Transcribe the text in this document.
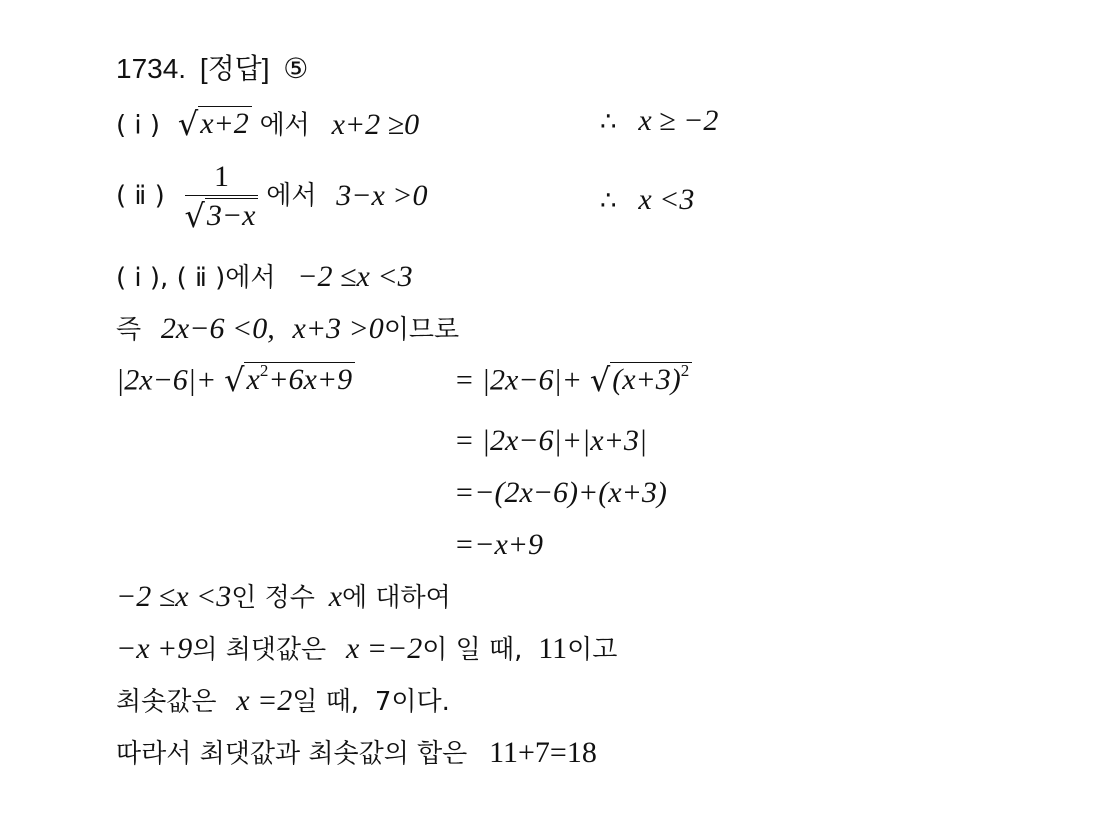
1734. [정답] ⑤
( ⅰ ) √ x+2 에서 x+2 ≥0	∴ x ≥ −2
( ⅱ ) $\frac{1}{√ 3-x}$ 에서 3−x >0	∴ x <3
( ⅰ ), ( ⅱ )에서 −2 ≤x <3
즉 2x−6 <0, x+3 >0이므로
|2x−6|+ √ $x^2+6x+9$	= |2x−6|+ √ $(x+3)^2$
= |2x−6|+|x+3|
=−(2x−6)+(x+3)
=−x+9
−2 ≤x <3인 정수 x에 대하여
−x +9의 최댓값은 x =−2이 일 때, 11이고
최솟값은 x =2일 때, 7이다.
따라서 최댓값과 최솟값의 합은 11+7=18
